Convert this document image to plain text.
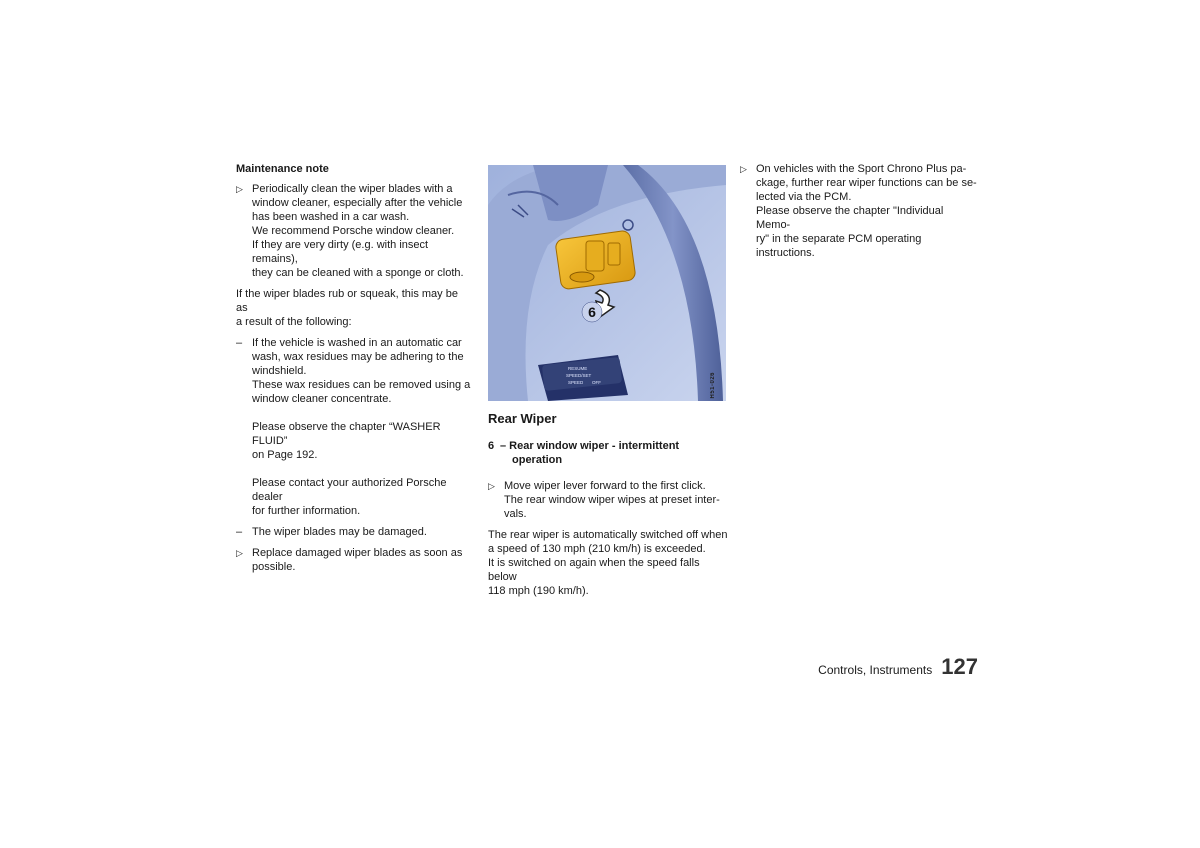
Maintenance note
▷ Periodically clean the wiper blades with a
window cleaner, especially after the vehicle
has been washed in a car wash.
We recommend Porsche window cleaner.
If they are very dirty (e.g. with insect remains),
they can be cleaned with a sponge or cloth.

If the wiper blades rub or squeak, this may be as
a result of the following:

– If the vehicle is washed in an automatic car
wash, wax residues may be adhering to the
windshield.
These wax residues can be removed using a
window cleaner concentrate.
Please observe the chapter “WASHER FLUID”
on Page 192.
Please contact your authorized Porsche dealer
for further information.
– The wiper blades may be damaged.
▷ Replace damaged wiper blades as soon as
possible.
6
RESUME
SPEED/SET
SPEED OFF	H51-026
Rear Wiper
6 – Rear window wiper - intermittent
operation
▷ Move wiper lever forward to the first click.
The rear window wiper wipes at preset inter-
vals.

The rear wiper is automatically switched off when
a speed of 130 mph (210 km/h) is exceeded.
It is switched on again when the speed falls below
118 mph (190 km/h).

▷ On vehicles with the Sport Chrono Plus pa-
ckage, further rear wiper functions can be se-
lected via the PCM.
Please observe the chapter "Individual Memo-
ry" in the separate PCM operating instructions.
Controls, Instruments 127
